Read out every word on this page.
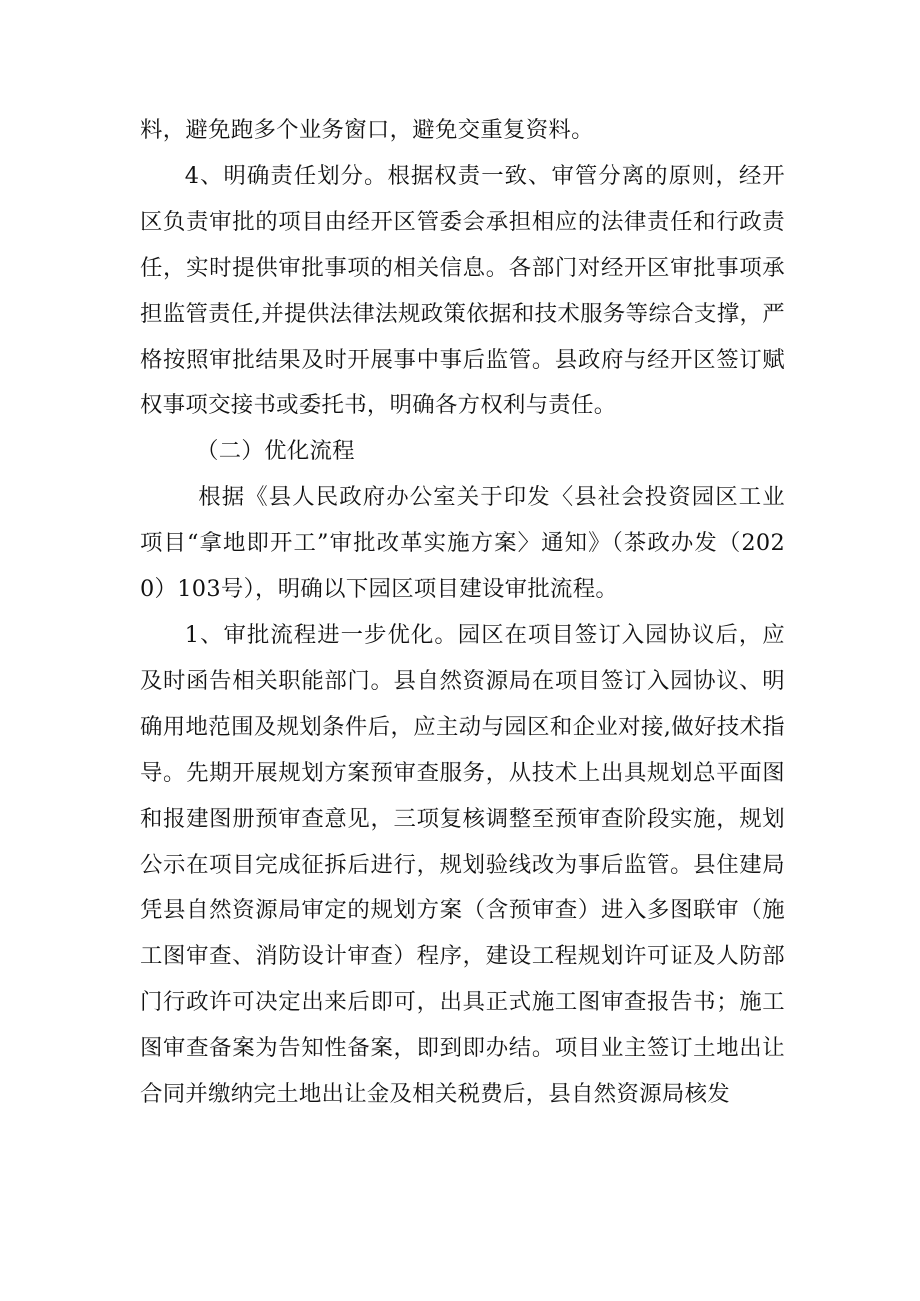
料，避免跑多个业务窗口，避免交重复资料。

4、明确责任划分。根据权责一致、审管分离的原则，经开区负责审批的项目由经开区管委会承担相应的法律责任和行政责任，实时提供审批事项的相关信息。各部门对经开区审批事项承担监管责任,并提供法律法规政策依据和技术服务等综合支撑，严格按照审批结果及时开展事中事后监管。县政府与经开区签订赋权事项交接书或委托书，明确各方权利与责任。

（二）优化流程

根据《县人民政府办公室关于印发〈县社会投资园区工业项目“拿地即开工”审批改革实施方案〉通知》（茶政办发（2020）103号），明确以下园区项目建设审批流程。

1、审批流程进一步优化。园区在项目签订入园协议后，应及时函告相关职能部门。县自然资源局在项目签订入园协议、明确用地范围及规划条件后，应主动与园区和企业对接,做好技术指导。先期开展规划方案预审查服务，从技术上出具规划总平面图和报建图册预审查意见，三项复核调整至预审查阶段实施，规划公示在项目完成征拆后进行，规划验线改为事后监管。县住建局凭县自然资源局审定的规划方案（含预审查）进入多图联审（施工图审查、消防设计审查）程序，建设工程规划许可证及人防部门行政许可决定出来后即可，出具正式施工图审查报告书；施工图审查备案为告知性备案，即到即办结。项目业主签订土地出让合同并缴纳完土地出让金及相关税费后，县自然资源局核发
